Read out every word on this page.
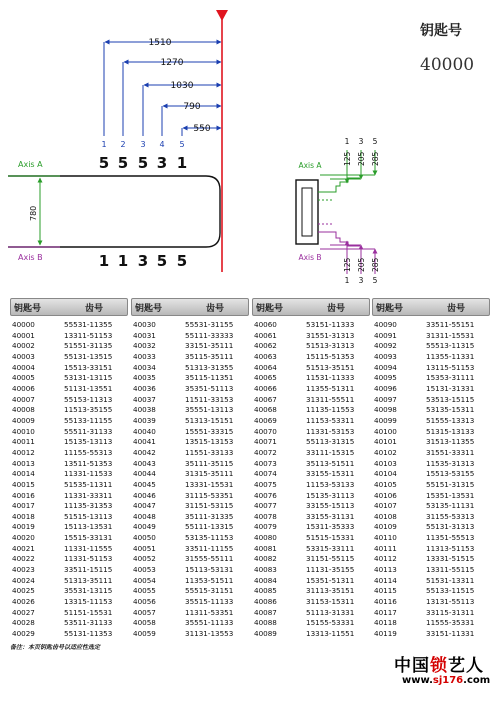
1510
1270
1030
790
550
1 2 3 4 5
5 5 5 3 1
Axis A
Axis B
780
1 1 3 5 5
Axis A
Axis B
1 3 5
1 3 5
125 205 285
125 205 285
钥匙号
40000
钥匙号	齿号
40000	55531-11355
40001	13311-51153
40002	51551-31135
40003	55131-13515
40004	15513-33151
40005	53131-13115
40006	51131-13551
40007	55153-11313
40008	11513-35155
40009	55133-11155
40010	55511-31133
40011	15135-13113
40012	11155-55313
40013	13511-51353
40014	11331-11533
40015	51535-11311
40016	11331-33311
40017	11135-31353
40018	51515-13113
40019	15113-13531
40020	15515-33131
40021	11331-11555
40022	11331-51153
40023	33511-15115
40024	51313-35111
40025	35531-13115
40026	13315-11153
40027	51151-15531
40028	53511-31133
40029	55131-11353
钥匙号	齿号
40030	55531-31155
40031	55111-33333
40032	33151-35111
40033	35115-35111
40034	51313-31355
40035	35115-11351
40036	35351-51113
40037	11511-33153
40038	35551-13113
40039	51313-15151
40040	15551-33315
40041	13515-13153
40042	11551-33133
40043	35111-35115
40044	31315-35111
40045	13331-15531
40046	31115-53351
40047	31151-53115
40048	35111-31335
40049	55111-13315
40050	53135-11153
40051	33511-11155
40052	31555-55111
40053	15113-53131
40054	11353-51511
40055	55515-31151
40056	35515-11133
40057	11311-53351
40058	35551-11133
40059	31131-13553
钥匙号	齿号
40060	53151-11333
40061	31551-31313
40062	51513-31313
40063	15115-51353
40064	51513-35151
40065	11531-11333
40066	11355-51311
40067	31311-55511
40068	11135-11553
40069	11153-53311
40070	11331-53153
40071	55113-31315
40072	33111-15315
40073	35113-51511
40074	33155-15311
40075	11153-53133
40076	15135-31113
40077	33155-15113
40078	33155-31131
40079	15311-35333
40080	51515-15331
40081	53315-33111
40082	31151-55115
40083	11131-35155
40084	15351-51311
40085	31113-35151
40086	31153-15311
40087	51113-31331
40088	15155-53331
40089	13313-11551
钥匙号	齿号
40090	33511-55151
40091	31311-15531
40092	55513-11315
40093	11355-11331
40094	13115-51153
40095	15353-31111
40096	15131-31331
40097	53513-15115
40098	53135-15311
40099	51555-13313
40100	51315-13133
40101	31513-11355
40102	31551-33311
40103	11535-31313
40104	15513-53155
40105	55151-31315
40106	15351-13531
40107	53135-11131
40108	31155-53313
40109	55131-31313
40110	11351-55513
40111	11313-51153
40112	13331-51515
40113	13311-55115
40114	51531-13311
40115	55133-11515
40116	13131-55113
40117	33115-31311
40118	11555-35331
40119	33151-11331
备注：本页钥匙齿号以适应性选定
中国锁艺人
www.sj176.com
